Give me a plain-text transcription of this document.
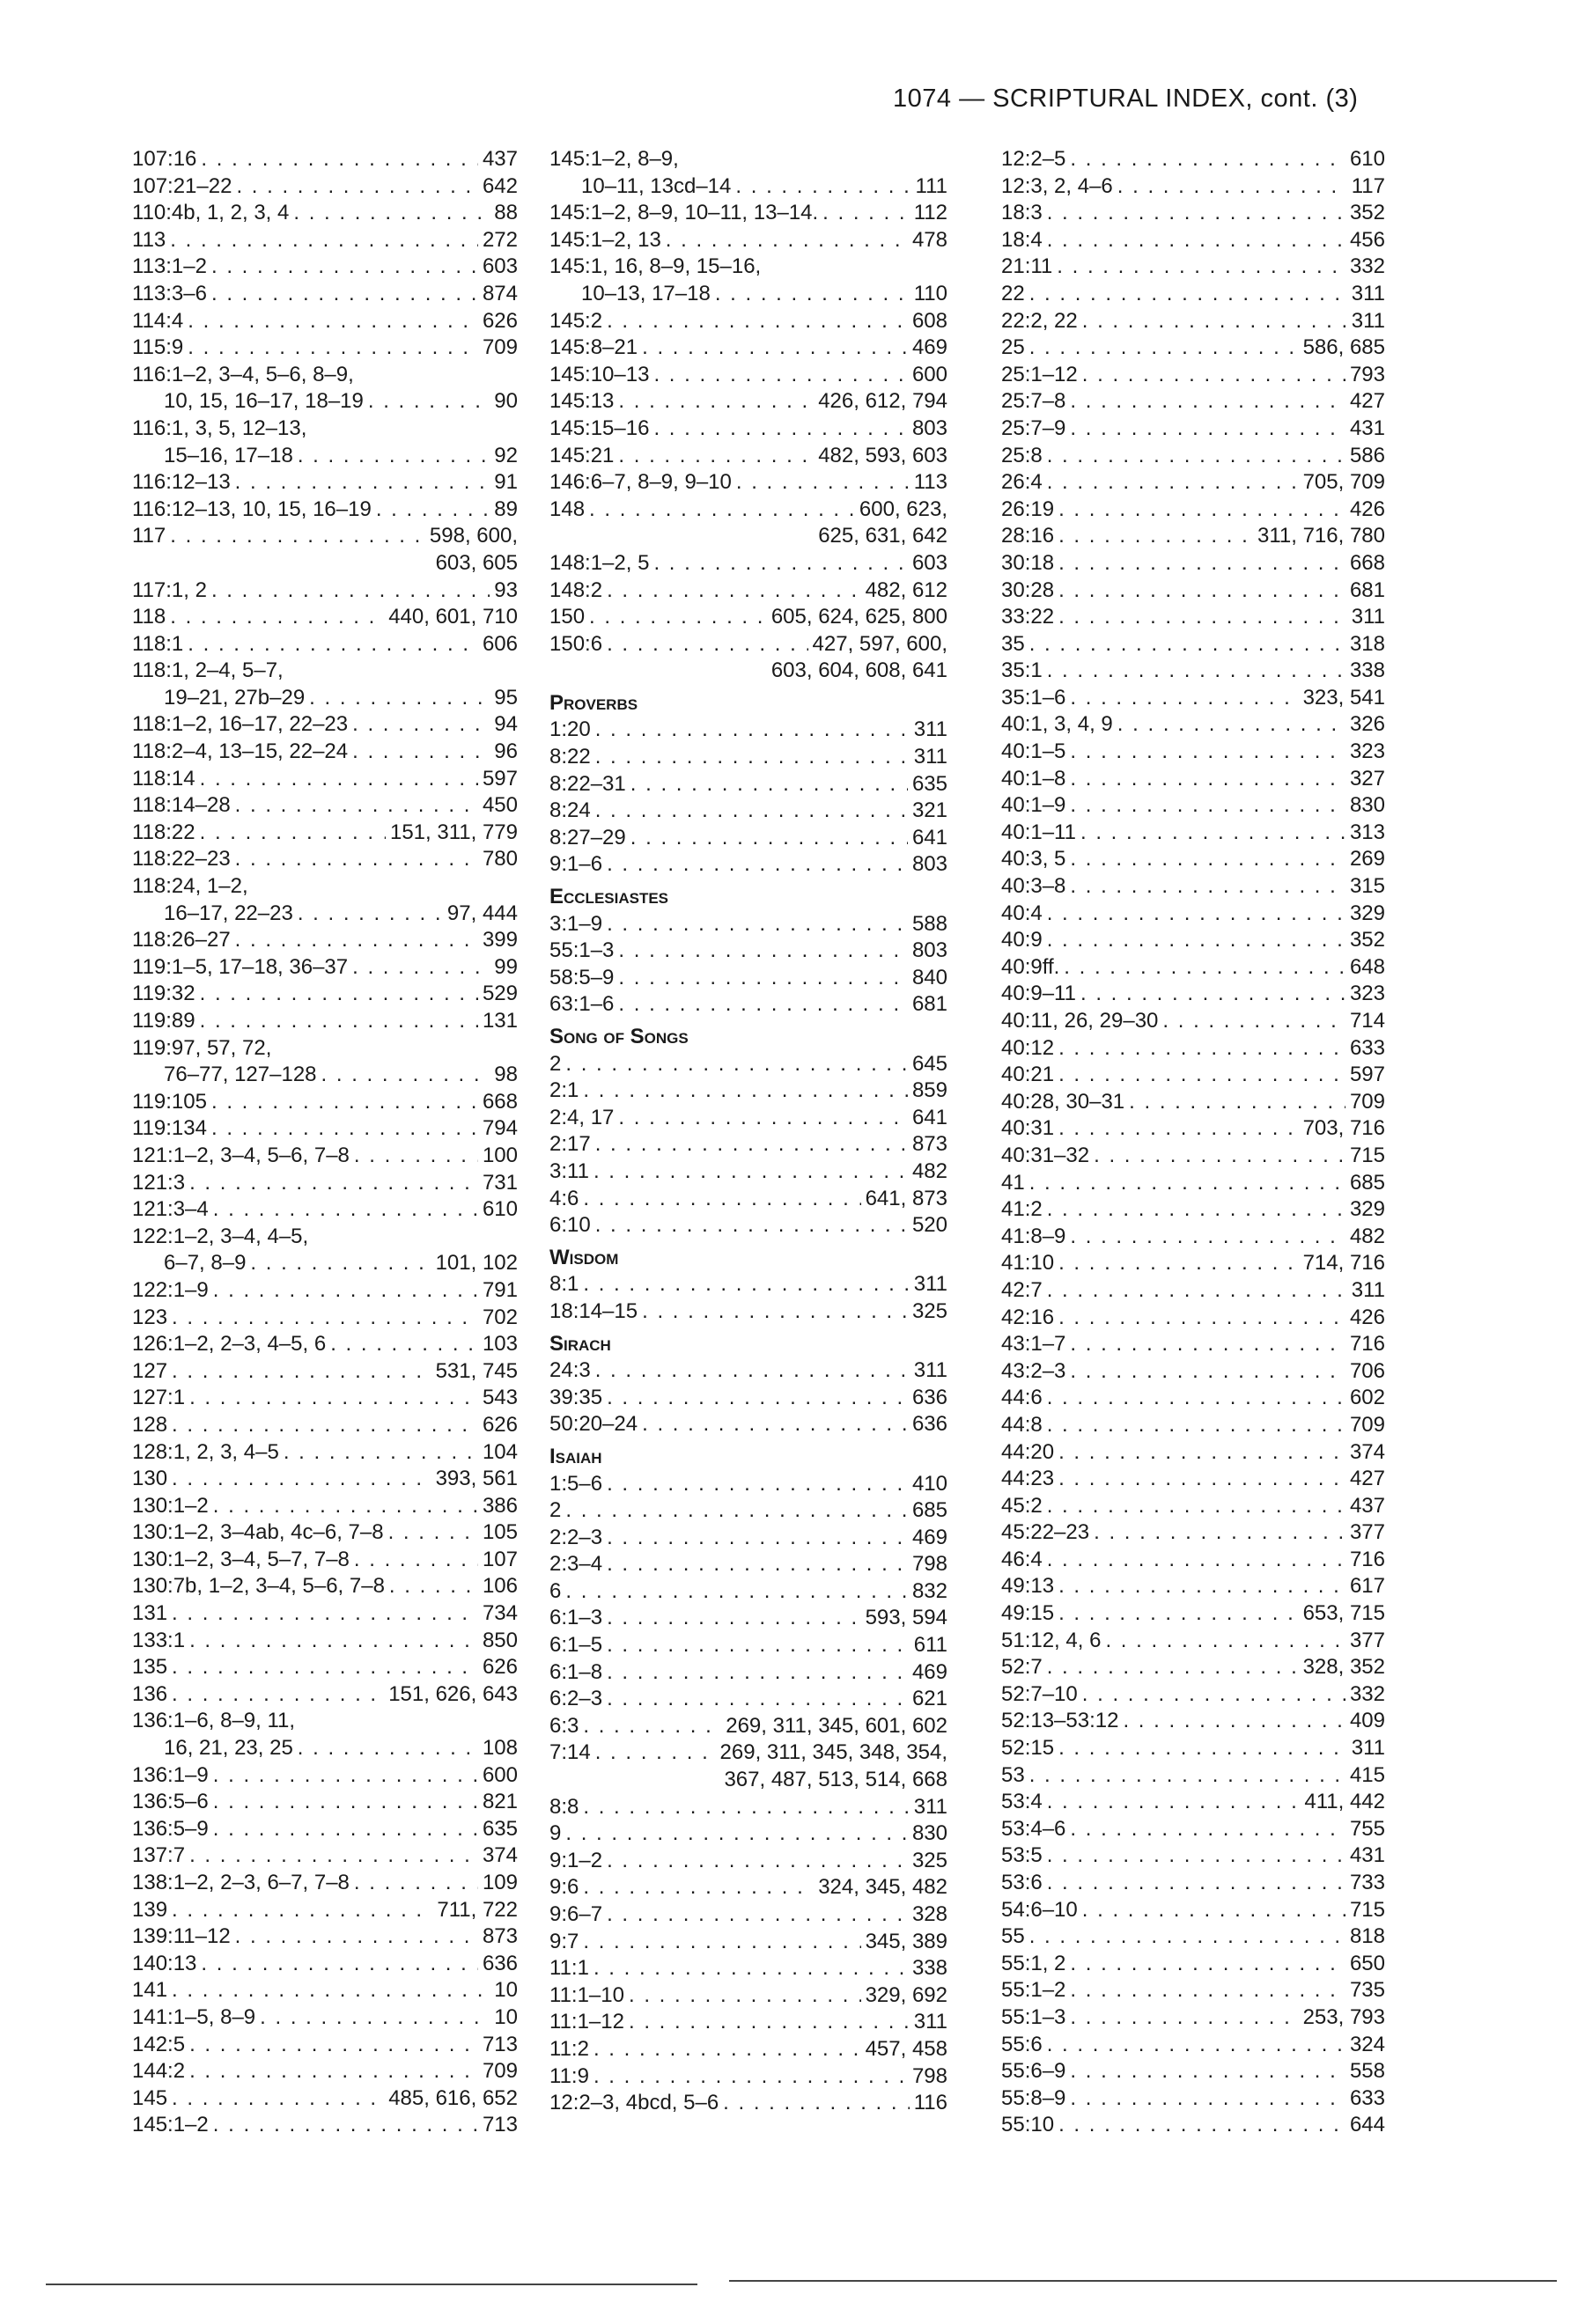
1074 — SCRIPTURAL INDEX, cont. (3)
107:16 . . .	437
107:21–22 . . .	642
110:4b, 1, 2, 3, 4 . . .	88
113 . . .	272
113:1–2 . . .	603
113:3–6 . . .	874
114:4 . . .	626
115:9 . . .	709
116:1–2, 3–4, 5–6, 8–9,
10, 15, 16–17, 18–19 . . .	90
116:1, 3, 5, 12–13,
15–16, 17–18 . . .	92
116:12–13 . . .	91
116:12–13, 10, 15, 16–19 . . .	89
117 . . .	598, 600,
603, 605
117:1, 2 . . .	93
118 . . .	440, 601, 710
118:1 . . .	606
118:1, 2–4, 5–7,
19–21, 27b–29 . . .	95
118:1–2, 16–17, 22–23 . . .	94
118:2–4, 13–15, 22–24 . . .	96
118:14 . . .	597
118:14–28 . . .	450
118:22 . . .	151, 311, 779
118:22–23 . . .	780
118:24, 1–2,
16–17, 22–23 . . .	97, 444
118:26–27 . . .	399
119:1–5, 17–18, 36–37 . . .	99
119:32 . . .	529
119:89 . . .	131
119:97, 57, 72,
76–77, 127–128 . . .	98
119:105 . . .	668
119:134 . . .	794
121:1–2, 3–4, 5–6, 7–8 . . .	100
121:3 . . .	731
121:3–4 . . .	610
122:1–2, 3–4, 4–5,
6–7, 8–9 . . .	101, 102
122:1–9 . . .	791
123 . . .	702
126:1–2, 2–3, 4–5, 6 . . .	103
127 . . .	531, 745
127:1 . . .	543
128 . . .	626
128:1, 2, 3, 4–5 . . .	104
130 . . .	393, 561
130:1–2 . . .	386
130:1–2, 3–4ab, 4c–6, 7–8 . . .	105
130:1–2, 3–4, 5–7, 7–8 . . .	107
130:7b, 1–2, 3–4, 5–6, 7–8 . . .	106
131 . . .	734
133:1 . . .	850
135 . . .	626
136 . . .	151, 626, 643
136:1–6, 8–9, 11,
16, 21, 23, 25 . . .	108
136:1–9 . . .	600
136:5–6 . . .	821
136:5–9 . . .	635
137:7 . . .	374
138:1–2, 2–3, 6–7, 7–8 . . .	109
139 . . .	711, 722
139:11–12 . . .	873
140:13 . . .	636
141 . . .	10
141:1–5, 8–9 . . .	10
142:5 . . .	713
144:2 . . .	709
145 . . .	485, 616, 652
145:1–2 . . .	713
145:1–2, 8–9,
10–11, 13cd–14 . . .	111
145:1–2, 8–9, 10–11, 13–14. . . .	112
145:1–2, 13 . . .	478
145:1, 16, 8–9, 15–16,
10–13, 17–18 . . .	110
145:2 . . .	608
145:8–21 . . .	469
145:10–13 . . .	600
145:13 . . .	426, 612, 794
145:15–16 . . .	803
145:21 . . .	482, 593, 603
146:6–7, 8–9, 9–10 . . .	113
148 . . .	600, 623,
625, 631, 642
148:1–2, 5 . . .	603
148:2 . . .	482, 612
150 . . .	605, 624, 625, 800
150:6 . . .	427, 597, 600,
603, 604, 608, 641
Proverbs
1:20 . . .	311
8:22 . . .	311
8:22–31 . . .	635
8:24 . . .	321
8:27–29 . . .	641
9:1–6 . . .	803
Ecclesiastes
3:1–9 . . .	588
55:1–3 . . .	803
58:5–9 . . .	840
63:1–6 . . .	681
Song of Songs
2 . . .	645
2:1 . . .	859
2:4, 17 . . .	641
2:17 . . .	873
3:11 . . .	482
4:6 . . .	641, 873
6:10 . . .	520
Wisdom
8:1 . . .	311
18:14–15 . . .	325
Sirach
24:3 . . .	311
39:35 . . .	636
50:20–24 . . .	636
Isaiah
1:5–6 . . .	410
2 . . .	685
2:2–3 . . .	469
2:3–4 . . .	798
6 . . .	832
6:1–3 . . .	593, 594
6:1–5 . . .	611
6:1–8 . . .	469
6:2–3 . . .	621
6:3 . . .	269, 311, 345, 601, 602
7:14 . . .	269, 311, 345, 348, 354,
367, 487, 513, 514, 668
8:8 . . .	311
9 . . .	830
9:1–2 . . .	325
9:6 . . .	324, 345, 482
9:6–7 . . .	328
9:7 . . .	345, 389
11:1 . . .	338
11:1–10 . . .	329, 692
11:1–12 . . .	311
11:2 . . .	457, 458
11:9 . . .	798
12:2–3, 4bcd, 5–6 . . .	116
12:2–5 . . .	610
12:3, 2, 4–6 . . .	117
18:3 . . .	352
18:4 . . .	456
21:11 . . .	332
22 . . .	311
22:2, 22 . . .	311
25 . . .	586, 685
25:1–12 . . .	793
25:7–8 . . .	427
25:7–9 . . .	431
25:8 . . .	586
26:4 . . .	705, 709
26:19 . . .	426
28:16 . . .	311, 716, 780
30:18 . . .	668
30:28 . . .	681
33:22 . . .	311
35 . . .	318
35:1 . . .	338
35:1–6 . . .	323, 541
40:1, 3, 4, 9 . . .	326
40:1–5 . . .	323
40:1–8 . . .	327
40:1–9 . . .	830
40:1–11 . . .	313
40:3, 5 . . .	269
40:3–8 . . .	315
40:4 . . .	329
40:9 . . .	352
40:9ff. . . .	648
40:9–11 . . .	323
40:11, 26, 29–30 . . .	714
40:12 . . .	633
40:21 . . .	597
40:28, 30–31 . . .	709
40:31 . . .	703, 716
40:31–32 . . .	715
41 . . .	685
41:2 . . .	329
41:8–9 . . .	482
41:10 . . .	714, 716
42:7 . . .	311
42:16 . . .	426
43:1–7 . . .	716
43:2–3 . . .	706
44:6 . . .	602
44:8 . . .	709
44:20 . . .	374
44:23 . . .	427
45:2 . . .	437
45:22–23 . . .	377
46:4 . . .	716
49:13 . . .	617
49:15 . . .	653, 715
51:12, 4, 6 . . .	377
52:7 . . .	328, 352
52:7–10 . . .	332
52:13–53:12 . . .	409
52:15 . . .	311
53 . . .	415
53:4 . . .	411, 442
53:4–6 . . .	755
53:5 . . .	431
53:6 . . .	733
54:6–10 . . .	715
55 . . .	818
55:1, 2 . . .	650
55:1–2 . . .	735
55:1–3 . . .	253, 793
55:6 . . .	324
55:6–9 . . .	558
55:8–9 . . .	633
55:10 . . .	644
